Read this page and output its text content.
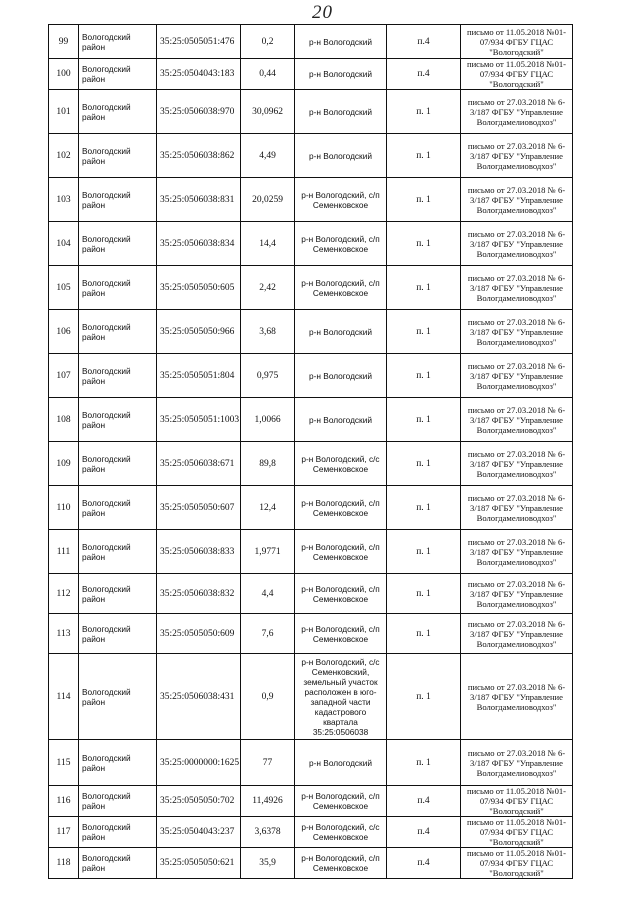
20
99	Вологодский район	35:25:0505051:476	0,2	р-н Вологодский	п.4	письмо от 11.05.2018 №01-07/934 ФГБУ ГЦАС "Вологодский"
100	Вологодский район	35:25:0504043:183	0,44	р-н Вологодский	п.4	письмо от 11.05.2018 №01-07/934 ФГБУ ГЦАС "Вологодский"
101	Вологодский район	35:25:0506038:970	30,0962	р-н Вологодский	п. 1	письмо от 27.03.2018 № 6-3/187 ФГБУ "Управление Вологдамелиоводхоз"
102	Вологодский район	35:25:0506038:862	4,49	р-н Вологодский	п. 1	письмо от 27.03.2018 № 6-3/187 ФГБУ "Управление Вологдамелиоводхоз"
103	Вологодский район	35:25:0506038:831	20,0259	р-н Вологодский, с/п Семенковское	п. 1	письмо от 27.03.2018 № 6-3/187 ФГБУ "Управление Вологдамелиоводхоз"
104	Вологодский район	35:25:0506038:834	14,4	р-н Вологодский, с/п Семенковское	п. 1	письмо от 27.03.2018 № 6-3/187 ФГБУ "Управление Вологдамелиоводхоз"
105	Вологодский район	35:25:0505050:605	2,42	р-н Вологодский, с/п Семенковское	п. 1	письмо от 27.03.2018 № 6-3/187 ФГБУ "Управление Вологдамелиоводхоз"
106	Вологодский район	35:25:0505050:966	3,68	р-н Вологодский	п. 1	письмо от 27.03.2018 № 6-3/187 ФГБУ "Управление Вологдамелиоводхоз"
107	Вологодский район	35:25:0505051:804	0,975	р-н Вологодский	п. 1	письмо от 27.03.2018 № 6-3/187 ФГБУ "Управление Вологдамелиоводхоз"
108	Вологодский район	35:25:0505051:1003	1,0066	р-н Вологодский	п. 1	письмо от 27.03.2018 № 6-3/187 ФГБУ "Управление Вологдамелиоводхоз"
109	Вологодский район	35:25:0506038:671	89,8	р-н Вологодский, с/с Семенковское	п. 1	письмо от 27.03.2018 № 6-3/187 ФГБУ "Управление Вологдамелиоводхоз"
110	Вологодский район	35:25:0505050:607	12,4	р-н Вологодский, с/п Семенковское	п. 1	письмо от 27.03.2018 № 6-3/187 ФГБУ "Управление Вологдамелиоводхоз"
111	Вологодский район	35:25:0506038:833	1,9771	р-н Вологодский, с/п Семенковское	п. 1	письмо от 27.03.2018 № 6-3/187 ФГБУ "Управление Вологдамелиоводхоз"
112	Вологодский район	35:25:0506038:832	4,4	р-н Вологодский, с/п Семенковское	п. 1	письмо от 27.03.2018 № 6-3/187 ФГБУ "Управление Вологдамелиоводхоз"
113	Вологодский район	35:25:0505050:609	7,6	р-н Вологодский, с/п Семенковское	п. 1	письмо от 27.03.2018 № 6-3/187 ФГБУ "Управление Вологдамелиоводхоз"
114	Вологодский район	35:25:0506038:431	0,9	р-н Вологодский, с/с Семенковский, земельный участок расположен в юго-западной части кадастрового квартала 35:25:0506038	п. 1	письмо от 27.03.2018 № 6-3/187 ФГБУ "Управление Вологдамелиоводхоз"
115	Вологодский район	35:25:0000000:1625	77	р-н Вологодский	п. 1	письмо от 27.03.2018 № 6-3/187 ФГБУ "Управление Вологдамелиоводхоз"
116	Вологодский район	35:25:0505050:702	11,4926	р-н Вологодский, с/п Семенковское	п.4	письмо от 11.05.2018 №01-07/934 ФГБУ ГЦАС "Вологодский"
117	Вологодский район	35:25:0504043:237	3,6378	р-н Вологодский, с/с Семенковское	п.4	письмо от 11.05.2018 №01-07/934 ФГБУ ГЦАС "Вологодский"
118	Вологодский район	35:25:0505050:621	35,9	р-н Вологодский, с/п Семенковское	п.4	письмо от 11.05.2018 №01-07/934 ФГБУ ГЦАС "Вологодский"
